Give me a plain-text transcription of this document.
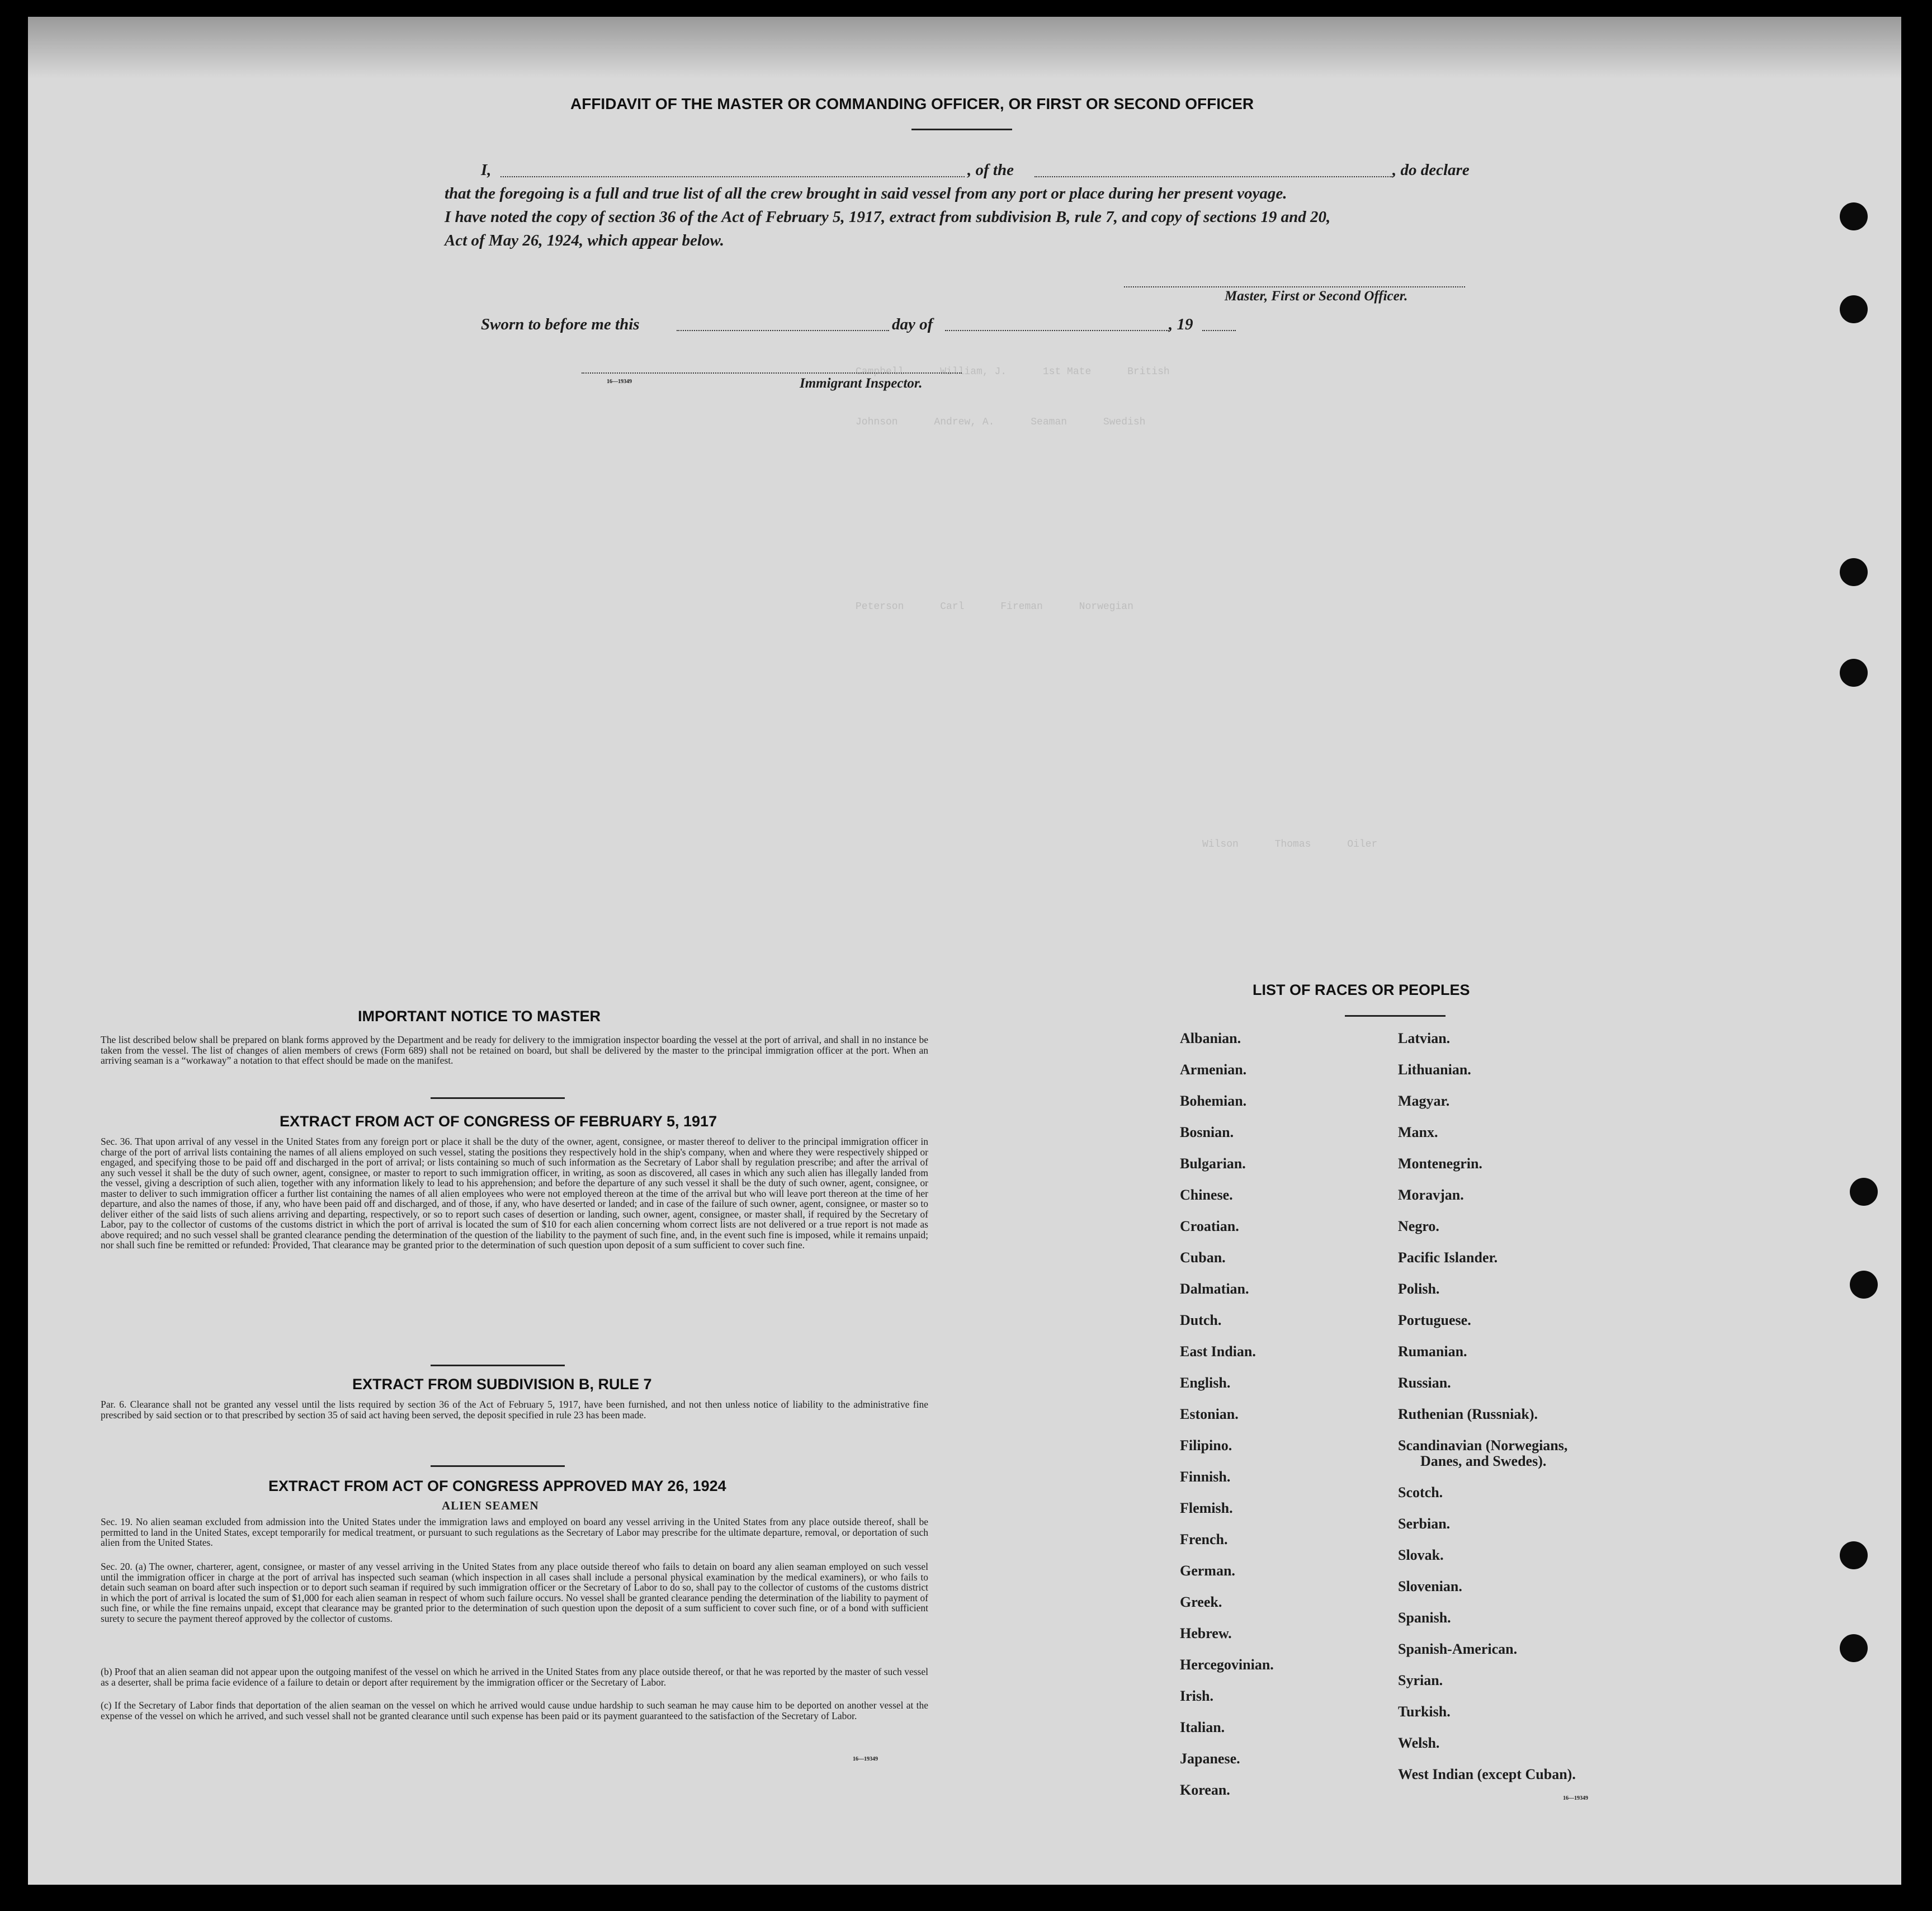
Campbell      William, J.      1st Mate      British
Johnson      Andrew, A.      Seaman      Swedish
Peterson      Carl      Fireman      Norwegian
Wilson      Thomas      Oiler
AFFIDAVIT OF THE MASTER OR COMMANDING OFFICER, OR FIRST OR SECOND OFFICER
I,	, of the	, do declare
that the foregoing is a full and true list of all the crew brought in said vessel from any port or place during her present voyage.
I have noted the copy of section 36 of the Act of February 5, 1917, extract from subdivision B, rule 7, and copy of sections 19 and 20,
Act of May 26, 1924, which appear below.
Master, First or Second Officer.
Sworn to before me this	day of	, 19
16—19349	Immigrant Inspector.
IMPORTANT NOTICE TO MASTER
The list described below shall be prepared on blank forms approved by the Department and be ready for delivery to the immigration inspector boarding the vessel at the port of arrival, and shall in no instance be taken from the vessel. The list of changes of alien members of crews (Form 689) shall not be retained on board, but shall be delivered by the master to the principal immigration officer at the port. When an arriving seaman is a “workaway” a notation to that effect should be made on the manifest.
EXTRACT FROM ACT OF CONGRESS OF FEBRUARY 5, 1917
Sec. 36. That upon arrival of any vessel in the United States from any foreign port or place it shall be the duty of the owner, agent, consignee, or master thereof to deliver to the principal immigration officer in charge of the port of arrival lists containing the names of all aliens employed on such vessel, stating the positions they respectively hold in the ship's company, when and where they were respectively shipped or engaged, and specifying those to be paid off and discharged in the port of arrival; or lists containing so much of such information as the Secretary of Labor shall by regulation prescribe; and after the arrival of any such vessel it shall be the duty of such owner, agent, consignee, or master to report to such immigration officer, in writing, as soon as discovered, all cases in which any such alien has illegally landed from the vessel, giving a description of such alien, together with any information likely to lead to his apprehension; and before the departure of any such vessel it shall be the duty of such owner, agent, consignee, or master to deliver to such immigration officer a further list containing the names of all alien employees who were not employed thereon at the time of the arrival but who will leave port thereon at the time of her departure, and also the names of those, if any, who have been paid off and discharged, and of those, if any, who have deserted or landed; and in case of the failure of such owner, agent, consignee, or master so to deliver either of the said lists of such aliens arriving and departing, respectively, or so to report such cases of desertion or landing, such owner, agent, consignee, or master shall, if required by the Secretary of Labor, pay to the collector of customs of the customs district in which the port of arrival is located the sum of $10 for each alien concerning whom correct lists are not delivered or a true report is not made as above required; and no such vessel shall be granted clearance pending the determination of the question of the liability to the payment of such fine, and, in the event such fine is imposed, while it remains unpaid; nor shall such fine be remitted or refunded: Provided, That clearance may be granted prior to the determination of such question upon deposit of a sum sufficient to cover such fine.
EXTRACT FROM SUBDIVISION B, RULE 7
Par. 6. Clearance shall not be granted any vessel until the lists required by section 36 of the Act of February 5, 1917, have been furnished, and not then unless notice of liability to the administrative fine prescribed by said section or to that prescribed by section 35 of said act having been served, the deposit specified in rule 23 has been made.
EXTRACT FROM ACT OF CONGRESS APPROVED MAY 26, 1924
ALIEN SEAMEN
Sec. 19. No alien seaman excluded from admission into the United States under the immigration laws and employed on board any vessel arriving in the United States from any place outside thereof, shall be permitted to land in the United States, except temporarily for medical treatment, or pursuant to such regulations as the Secretary of Labor may prescribe for the ultimate departure, removal, or deportation of such alien from the United States.
Sec. 20. (a) The owner, charterer, agent, consignee, or master of any vessel arriving in the United States from any place outside thereof who fails to detain on board any alien seaman employed on such vessel until the immigration officer in charge at the port of arrival has inspected such seaman (which inspection in all cases shall include a personal physical examination by the medical examiners), or who fails to detain such seaman on board after such inspection or to deport such seaman if required by such immigration officer or the Secretary of Labor to do so, shall pay to the collector of customs of the customs district in which the port of arrival is located the sum of $1,000 for each alien seaman in respect of whom such failure occurs. No vessel shall be granted clearance pending the determination of the liability to payment of such fine, or while the fine remains unpaid, except that clearance may be granted prior to the determination of such question upon the deposit of a sum sufficient to cover such fine, or of a bond with sufficient surety to secure the payment thereof approved by the collector of customs.
(b) Proof that an alien seaman did not appear upon the outgoing manifest of the vessel on which he arrived in the United States from any place outside thereof, or that he was reported by the master of such vessel as a deserter, shall be prima facie evidence of a failure to detain or deport after requirement by the immigration officer or the Secretary of Labor.
(c) If the Secretary of Labor finds that deportation of the alien seaman on the vessel on which he arrived would cause undue hardship to such seaman he may cause him to be deported on another vessel at the expense of the vessel on which he arrived, and such vessel shall not be granted clearance until such expense has been paid or its payment guaranteed to the satisfaction of the Secretary of Labor.
16—19349
LIST OF RACES OR PEOPLES
Albanian.
Armenian.
Bohemian.
Bosnian.
Bulgarian.
Chinese.
Croatian.
Cuban.
Dalmatian.
Dutch.
East Indian.
English.
Estonian.
Filipino.
Finnish.
Flemish.
French.
German.
Greek.
Hebrew.
Hercegovinian.
Irish.
Italian.
Japanese.
Korean.
Latvian.
Lithuanian.
Magyar.
Manx.
Montenegrin.
Moravjan.
Negro.
Pacific Islander.
Polish.
Portuguese.
Rumanian.
Russian.
Ruthenian (Russniak).
Scandinavian (Norwegians,
Danes, and Swedes).
Scotch.
Serbian.
Slovak.
Slovenian.
Spanish.
Spanish-American.
Syrian.
Turkish.
Welsh.
West Indian (except Cuban).
16—19349
